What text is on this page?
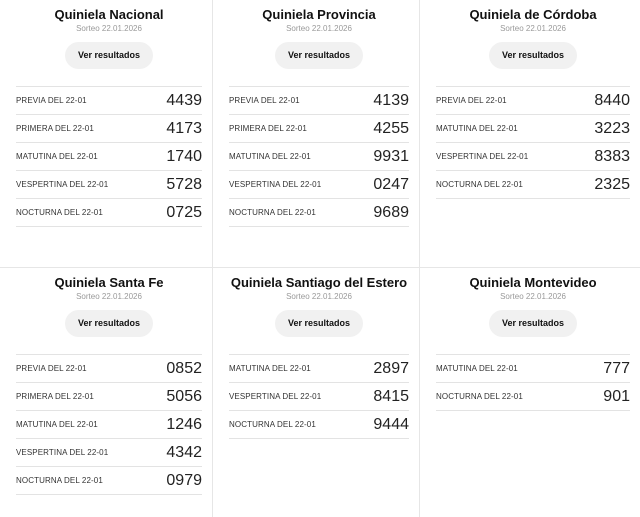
Quiniela Nacional
Sorteo 22.01.2026
Ver resultados
PREVIA DEL 22-01	4439
PRIMERA DEL 22-01	4173
MATUTINA DEL 22-01	1740
VESPERTINA DEL 22-01	5728
NOCTURNA DEL 22-01	0725
Quiniela Provincia
Sorteo 22.01.2026
Ver resultados
PREVIA DEL 22-01	4139
PRIMERA DEL 22-01	4255
MATUTINA DEL 22-01	9931
VESPERTINA DEL 22-01	0247
NOCTURNA DEL 22-01	9689
Quiniela de Córdoba
Sorteo 22.01.2026
Ver resultados
PREVIA DEL 22-01	8440
MATUTINA DEL 22-01	3223
VESPERTINA DEL 22-01	8383
NOCTURNA DEL 22-01	2325
Quiniela Santa Fe
Sorteo 22.01.2026
Ver resultados
PREVIA DEL 22-01	0852
PRIMERA DEL 22-01	5056
MATUTINA DEL 22-01	1246
VESPERTINA DEL 22-01	4342
NOCTURNA DEL 22-01	0979
Quiniela Santiago del Estero
Sorteo 22.01.2026
Ver resultados
MATUTINA DEL 22-01	2897
VESPERTINA DEL 22-01	8415
NOCTURNA DEL 22-01	9444
Quiniela Montevideo
Sorteo 22.01.2026
Ver resultados
MATUTINA DEL 22-01	777
NOCTURNA DEL 22-01	901
